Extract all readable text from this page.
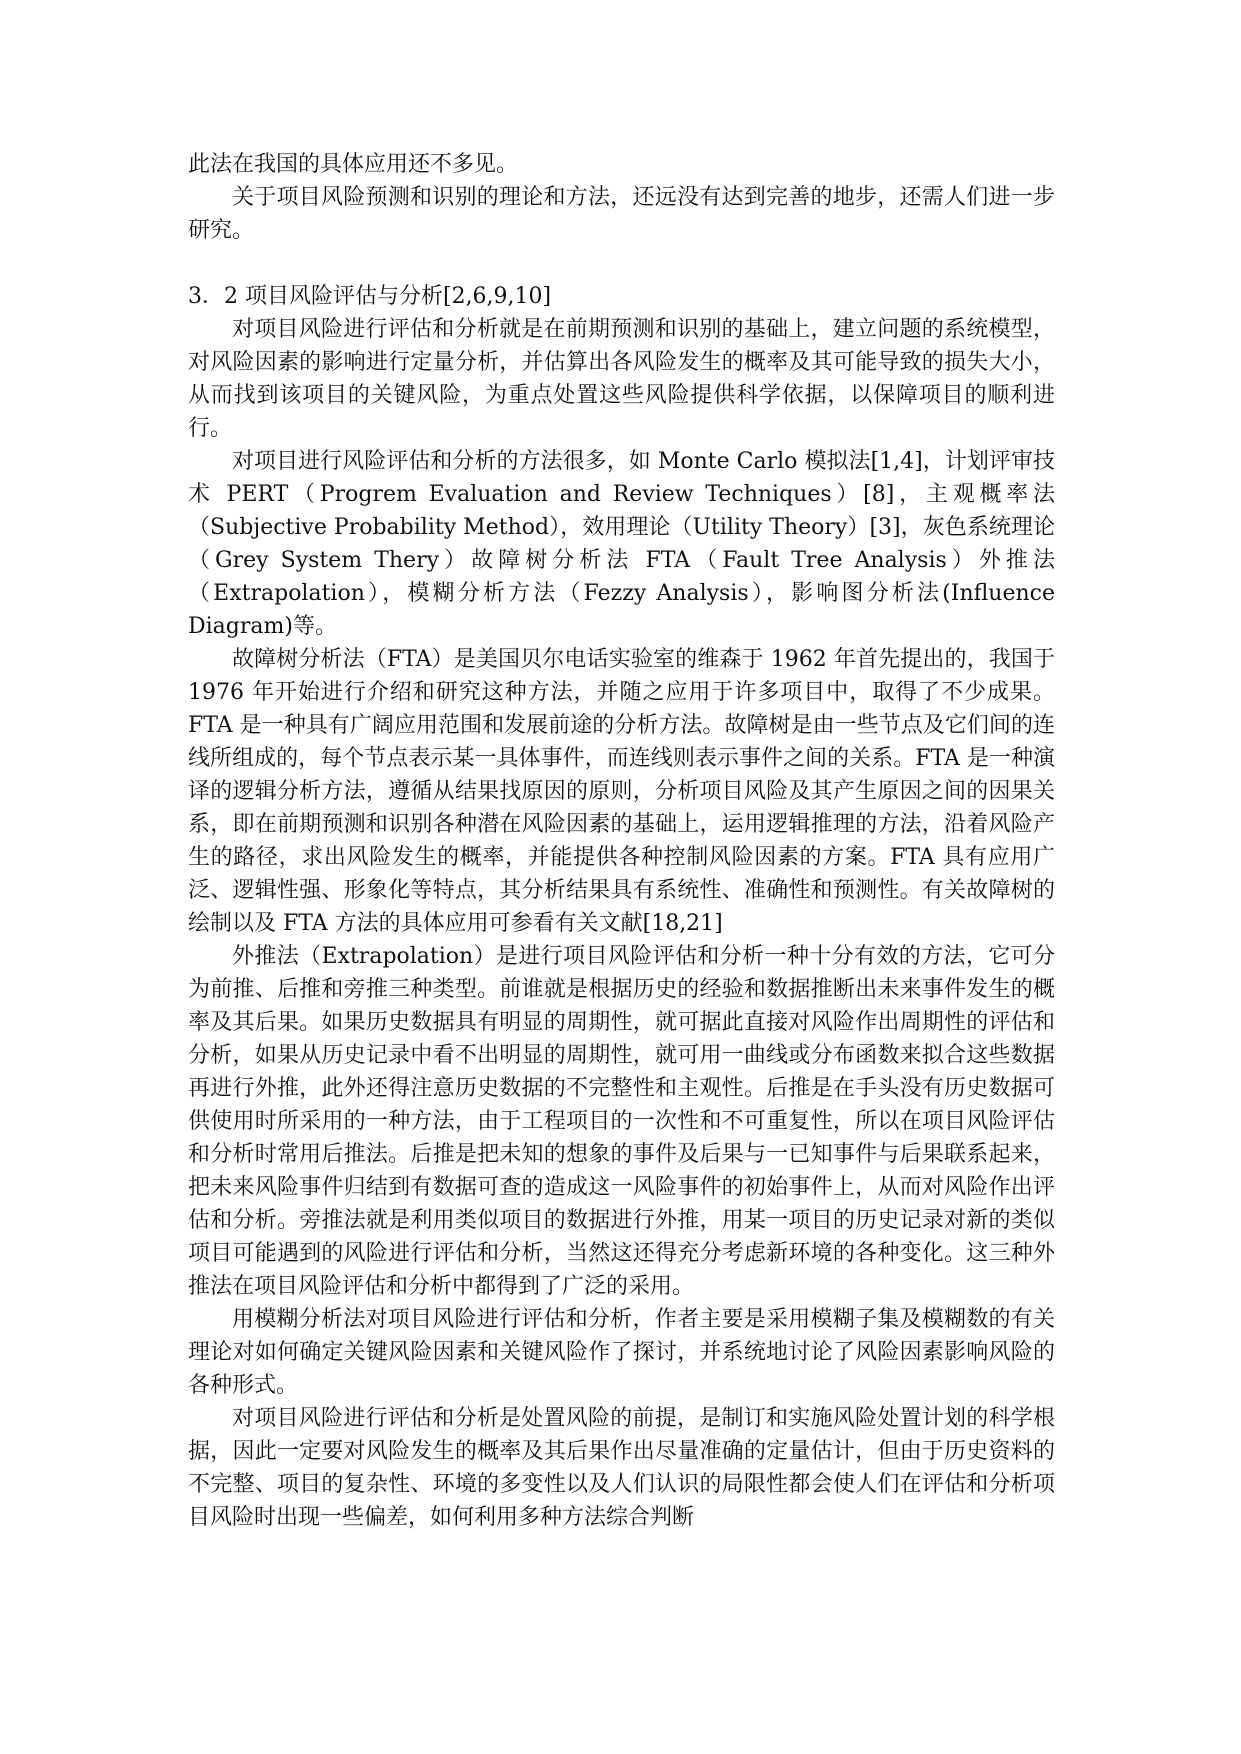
此法在我国的具体应用还不多见。

关于项目风险预测和识别的理论和方法，还远没有达到完善的地步，还需人们进一步研究。

3．2 项目风险评估与分析[2,6,9,10]

对项目风险进行评估和分析就是在前期预测和识别的基础上，建立问题的系统模型，对风险因素的影响进行定量分析，并估算出各风险发生的概率及其可能导致的损失大小，从而找到该项目的关键风险，为重点处置这些风险提供科学依据，以保障项目的顺利进行。

对项目进行风险评估和分析的方法很多，如 Monte Carlo 模拟法[1,4]，计划评审技术 PERT（Progrem Evaluation and Review Techniques）[8]，主观概率法（Subjective Probability Method），效用理论（Utility Theory）[3]，灰色系统理论（Grey System Thery）故障树分析法 FTA（Fault Tree Analysis）外推法（Extrapolation），模糊分析方法（Fezzy Analysis），影响图分析法(Influence Diagram)等。

故障树分析法（FTA）是美国贝尔电话实验室的维森于 1962 年首先提出的，我国于 1976 年开始进行介绍和研究这种方法，并随之应用于许多项目中，取得了不少成果。 FTA 是一种具有广阔应用范围和发展前途的分析方法。故障树是由一些节点及它们间的连线所组成的，每个节点表示某一具体事件，而连线则表示事件之间的关系。FTA 是一种演译的逻辑分析方法，遵循从结果找原因的原则，分析项目风险及其产生原因之间的因果关系，即在前期预测和识别各种潜在风险因素的基础上，运用逻辑推理的方法，沿着风险产生的路径，求出风险发生的概率，并能提供各种控制风险因素的方案。FTA 具有应用广泛、逻辑性强、形象化等特点，其分析结果具有系统性、准确性和预测性。有关故障树的绘制以及 FTA 方法的具体应用可参看有关文献[18,21]

外推法（Extrapolation）是进行项目风险评估和分析一种十分有效的方法，它可分为前推、后推和旁推三种类型。前谁就是根据历史的经验和数据推断出未来事件发生的概率及其后果。如果历史数据具有明显的周期性，就可据此直接对风险作出周期性的评估和分析，如果从历史记录中看不出明显的周期性，就可用一曲线或分布函数来拟合这些数据再进行外推，此外还得注意历史数据的不完整性和主观性。后推是在手头没有历史数据可供使用时所采用的一种方法，由于工程项目的一次性和不可重复性，所以在项目风险评估和分析时常用后推法。后推是把未知的想象的事件及后果与一已知事件与后果联系起来，把未来风险事件归结到有数据可查的造成这一风险事件的初始事件上，从而对风险作出评估和分析。旁推法就是利用类似项目的数据进行外推，用某一项目的历史记录对新的类似项目可能遇到的风险进行评估和分析，当然这还得充分考虑新环境的各种变化。这三种外推法在项目风险评估和分析中都得到了广泛的采用。

用模糊分析法对项目风险进行评估和分析，作者主要是采用模糊子集及模糊数的有关理论对如何确定关键风险因素和关键风险作了探讨，并系统地讨论了风险因素影响风险的各种形式。

对项目风险进行评估和分析是处置风险的前提，是制订和实施风险处置计划的科学根据，因此一定要对风险发生的概率及其后果作出尽量准确的定量估计，但由于历史资料的不完整、项目的复杂性、环境的多变性以及人们认识的局限性都会使人们在评估和分析项目风险时出现一些偏差，如何利用多种方法综合判断
